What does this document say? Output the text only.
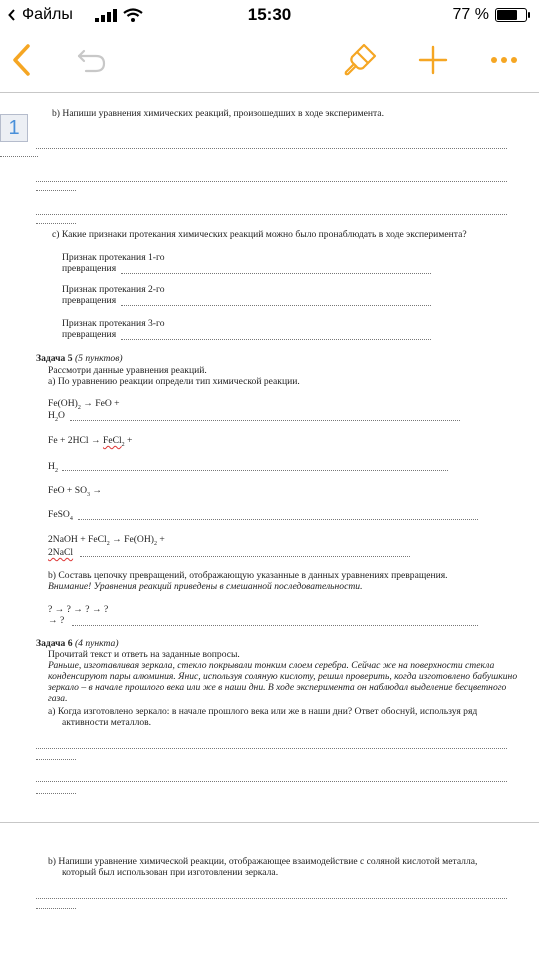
Файлы	15:30	77 %
1
b) Напиши уравнения химических реакций, произошедших в ходе эксперимента.
c) Какие признаки протекания химических реакций можно было пронаблюдать в ходе эксперимента?
Признак протекания 1-го
превращения
Признак протекания 2-го
превращения
Признак протекания 3-го
превращения
Задача 5 (5 пунктов)
Рассмотри данные уравнения реакций.
а) По уравнению реакции определи тип химической реакции.
$Fe(OH)_2$ → FeO +
$H_2O$
Fe + 2HCl → FeCl$_2$ +
$H_2$
FeO + $SO_3$ →
FeSO$_4$
2NaOH + FeCl$_2$ → $Fe(OH)_2$ +
2NaCl
b) Составь цепочку превращений, отображающую указанные в данных уравнениях превращения.
Внимание! Уравнения реакций приведены в смешанной последовательности.
? → ? → ? → ?
→ ?
Задача 6 (4 пункта)
Прочитай текст и ответь на заданные вопросы.
Раньше, изготавливая зеркала, стекло покрывали тонким слоем серебра. Сейчас же на поверхности стекла
конденсируют пары алюминия. Янис, используя соляную кислоту, решил проверить, когда изготовлено бабушкино
зеркало – в начале прошлого века или же в наши дни. В ходе эксперимента он наблюдал выделение бесцветного
газа.
а) Когда изготовлено зеркало: в начале прошлого века или же в наши дни? Ответ обоснуй, используя ряд
активности металлов.
b) Напиши уравнение химической реакции, отображающее взаимодействие с соляной кислотой металла,
который был использован при изготовлении зеркала.
